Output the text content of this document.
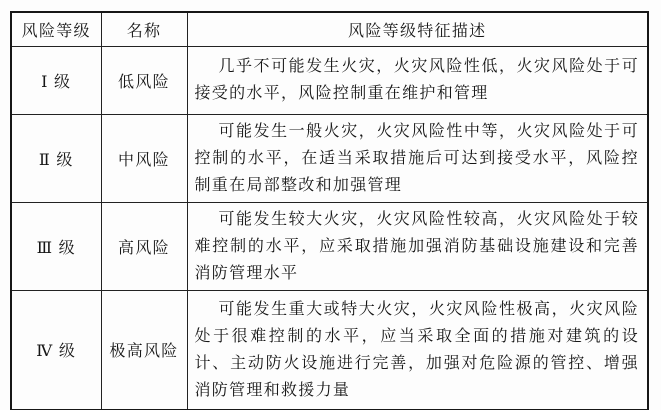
风险等级	名称	风险等级特征描述
Ⅰ 级	低风险	几乎不可能发生火灾，火灾风险性低，火灾风险处于可接受的水平，风险控制重在维护和管理
Ⅱ 级	中风险	可能发生一般火灾，火灾风险性中等，火灾风险处于可控制的水平，在适当采取措施后可达到接受水平，风险控制重在局部整改和加强管理
Ⅲ 级	高风险	可能发生较大火灾，火灾风险性较高，火灾风险处于较难控制的水平，应采取措施加强消防基础设施建设和完善消防管理水平
Ⅳ 级	极高风险	可能发生重大或特大火灾，火灾风险性极高，火灾风险处于很难控制的水平，应当采取全面的措施对建筑的设计、主动防火设施进行完善，加强对危险源的管控、增强消防管理和救援力量
